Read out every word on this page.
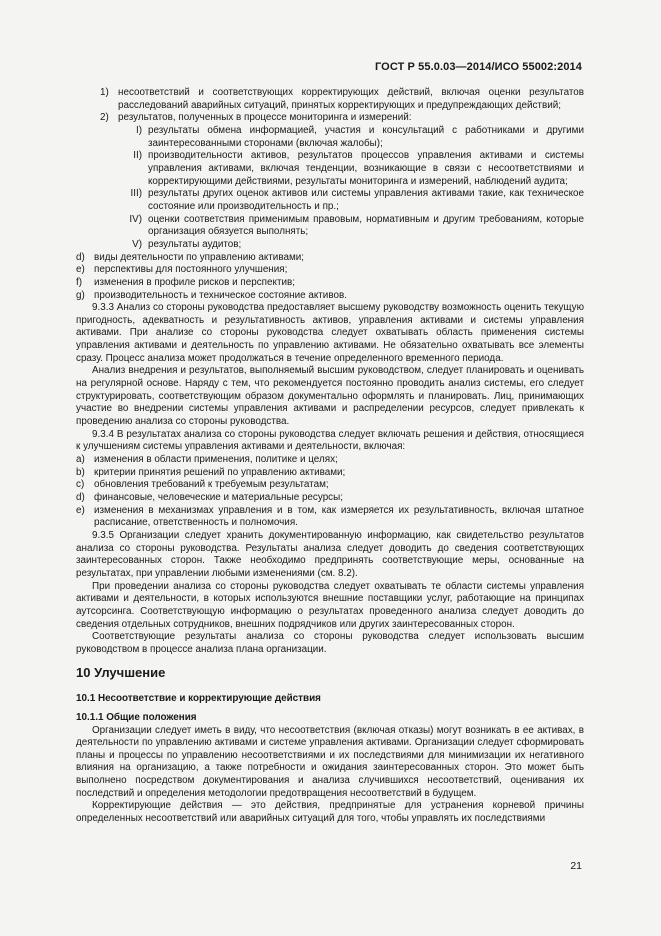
ГОСТ Р 55.0.03—2014/ИСО 55002:2014
1) несоответствий и соответствующих корректирующих действий, включая оценки результатов расследований аварийных ситуаций, принятых корректирующих и предупреждающих действий;
2) результатов, полученных в процессе мониторинга и измерений:
I) результаты обмена информацией, участия и консультаций с работниками и другими заинтересованными сторонами (включая жалобы);
II) производительности активов, результатов процессов управления активами и системы управления активами, включая тенденции, возникающие в связи с несоответствиями и корректирующими действиями, результаты мониторинга и измерений, наблюдений аудита;
III) результаты других оценок активов или системы управления активами такие, как техническое состояние или производительность и пр.;
IV) оценки соответствия применимым правовым, нормативным и другим требованиям, которые организация обязуется выполнять;
V) результаты аудитов;
d) виды деятельности по управлению активами;
e) перспективы для постоянного улучшения;
f)	изменения в профиле рисков и перспектив;
g) производительность и техническое состояние активов.

9.3.3 Анализ со стороны руководства предоставляет высшему руководству возможность оценить текущую пригодность, адекватность и результативность активов, управления активами и системы управления активами. При анализе со стороны руководства следует охватывать область применения системы управления активами и деятельность по управлению активами. Не обязательно охватывать все элементы сразу. Процесс анализа может продолжаться в течение определенного временного периода.

Анализ внедрения и результатов, выполняемый высшим руководством, следует планировать и оценивать на регулярной основе. Наряду с тем, что рекомендуется постоянно проводить анализ системы, его следует структурировать, соответствующим образом документально оформлять и планировать. Лиц, принимающих участие во внедрении системы управления активами и распределении ресурсов, следует привлекать к проведению анализа со стороны руководства.

9.3.4 В результатах анализа со стороны руководства следует включать решения и действия, относящиеся к улучшениям системы управления активами и деятельности, включая:

a) изменения в области применения, политике и целях;
b) критерии принятия решений по управлению активами;
c) обновления требований к требуемым результатам;
d) финансовые, человеческие и материальные ресурсы;
e) изменения в механизмах управления и в том, как измеряется их результативность, включая штатное расписание, ответственность и полномочия.

9.3.5 Организации следует хранить документированную информацию, как свидетельство результатов анализа со стороны руководства. Результаты анализа следует доводить до сведения соответствующих заинтересованных сторон. Также необходимо предпринять соответствующие меры, основанные на результатах, при управлении любыми изменениями (см. 8.2).

При проведении анализа со стороны руководства следует охватывать те области системы управления активами и деятельности, в которых используются внешние поставщики услуг, работающие на принципах аутсорсинга. Соответствующую информацию о результатах проведенного анализа следует доводить до сведения отдельных сотрудников, внешних подрядчиков или других заинтересованных сторон.

Соответствующие результаты анализа со стороны руководства следует использовать высшим руководством в процессе анализа плана организации.

10 Улучшение
10.1 Несоответствие и корректирующие действия
10.1.1 Общие положения

Организации следует иметь в виду, что несоответствия (включая отказы) могут возникать в ее активах, в деятельности по управлению активами и системе управления активами. Организации следует сформировать планы и процессы по управлению несоответствиями и их последствиями для минимизации их негативного влияния на организацию, а также потребности и ожидания заинтересованных сторон. Это может быть выполнено посредством документирования и анализа случившихся несоответствий, оценивания их последствий и определения методологии предотвращения несоответствий в будущем.

Корректирующие действия — это действия, предпринятые для устранения корневой причины определенных несоответствий или аварийных ситуаций для того, чтобы управлять их последствиями

21
